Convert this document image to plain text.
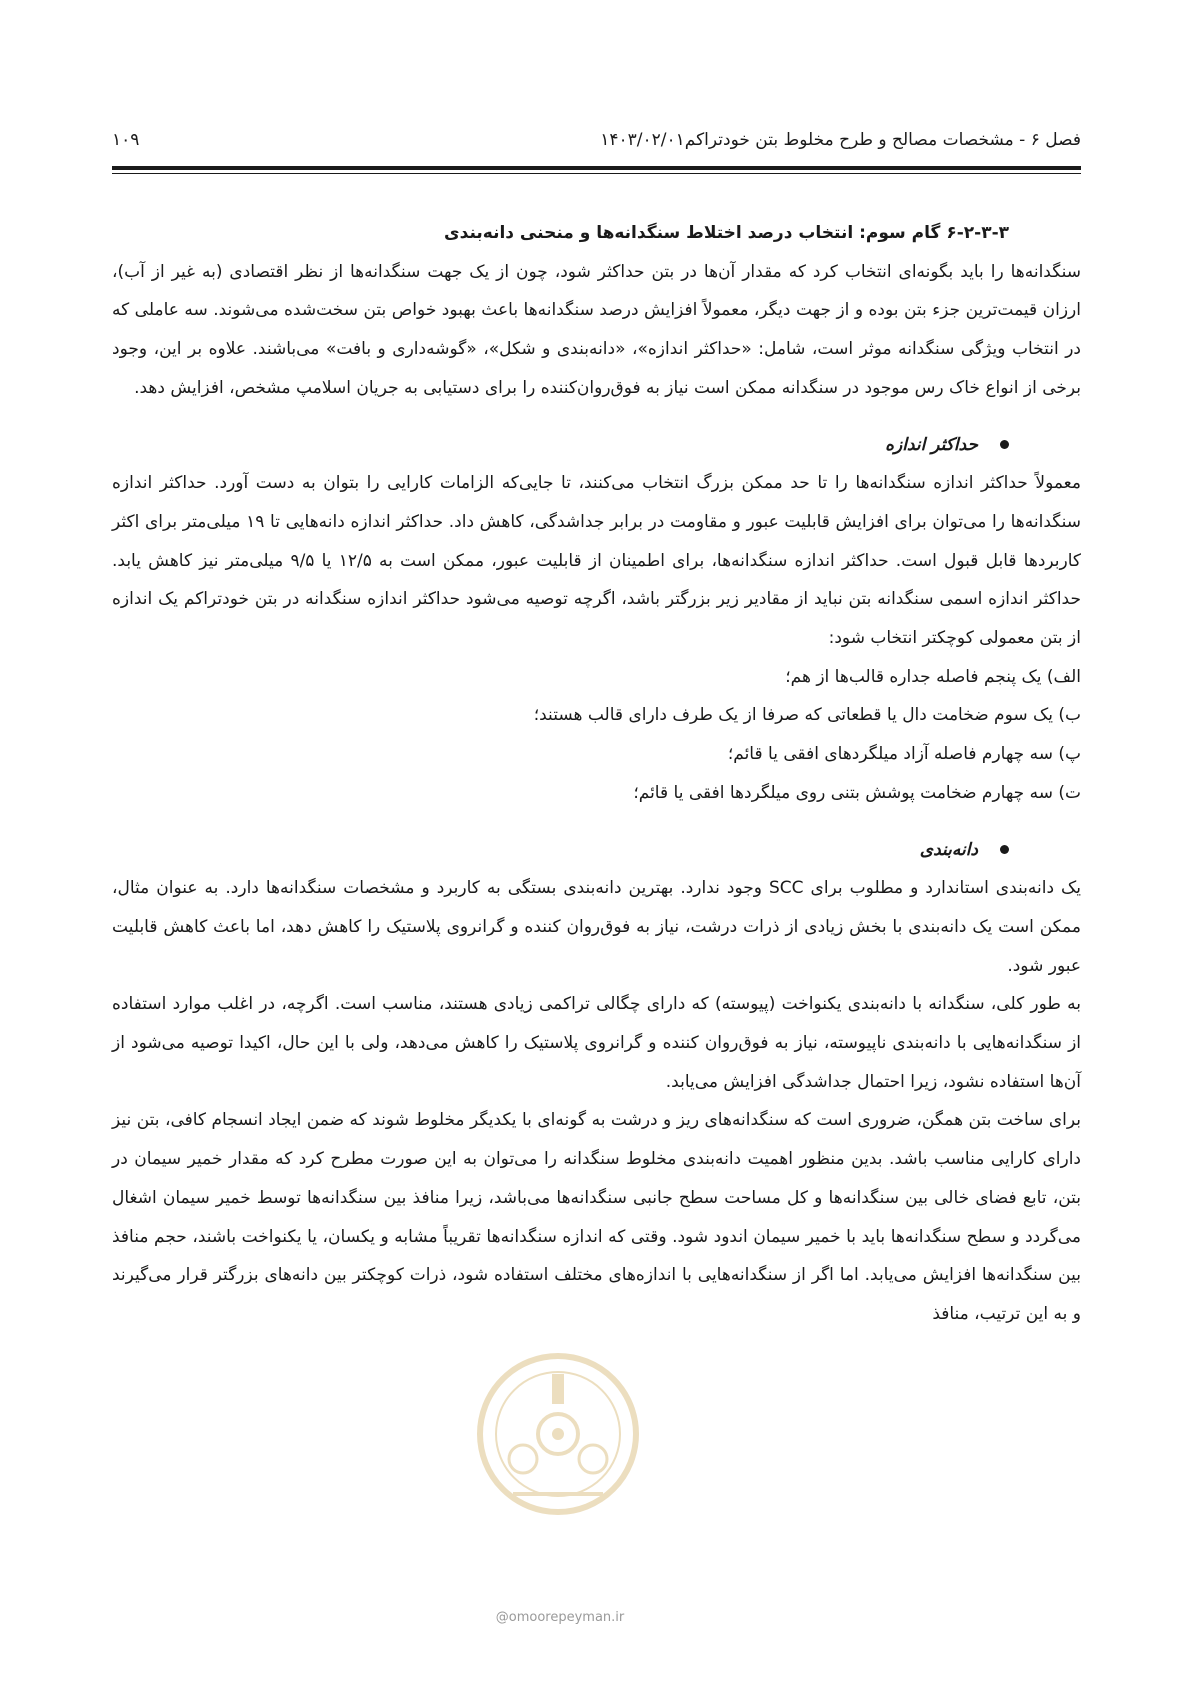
فصل ۶ - مشخصات مصالح و طرح مخلوط بتن خودتراکم۱۴۰۳/۰۲/۰۱
۱۰۹

۶-۲-۳-۳ گام سوم: انتخاب درصد اختلاط سنگدانه‌ها و منحنی دانه‌بندی

سنگدانه‌ها را باید بگونه‌ای انتخاب کرد که مقدار آن‌ها در بتن حداکثر شود، چون از یک جهت سنگدانه‌ها از نظر اقتصادی (به غیر از آب)، ارزان قیمت‌ترین جزء بتن بوده و از جهت دیگر، معمولاً افزایش درصد سنگدانه‌ها باعث بهبود خواص بتن سخت‌شده می‌شوند. سه عاملی که در انتخاب ویژگی سنگدانه موثر است، شامل: «حداکثر اندازه»، «دانه‌بندی و شکل»، «گوشه‌داری و بافت» می‌باشند. علاوه بر این، وجود برخی از انواع خاک رس موجود در سنگدانه ممکن است نیاز به فوق‌روان‌کننده را برای دستیابی به جریان اسلامپ مشخص، افزایش دهد.

حداکثر اندازه

معمولاً حداکثر اندازه سنگدانه‌ها را تا حد ممکن بزرگ انتخاب می‌کنند، تا جایی‌که الزامات کارایی را بتوان به دست آورد. حداکثر اندازه سنگدانه‌ها را می‌توان برای افزایش قابلیت عبور و مقاومت در برابر جداشدگی، کاهش داد. حداکثر اندازه دانه‌هایی تا ۱۹ میلی‌متر برای اکثر کاربردها قابل قبول است. حداکثر اندازه سنگدانه‌ها، برای اطمینان از قابلیت عبور، ممکن است به ۱۲/۵ یا ۹/۵ میلی‌متر نیز کاهش یابد. حداکثر اندازه اسمی سنگدانه بتن نباید از مقادیر زیر بزرگتر باشد، اگرچه توصیه می‌شود حداکثر اندازه سنگدانه در بتن خودتراکم یک اندازه از بتن معمولی کوچکتر انتخاب شود:

الف) یک پنجم فاصله جداره قالب‌ها از هم؛

ب) یک سوم ضخامت دال یا قطعاتی که صرفا از یک طرف دارای قالب هستند؛

پ) سه چهارم فاصله آزاد میلگردهای افقی یا قائم؛

ت) سه چهارم ضخامت پوشش بتنی روی میلگردها افقی یا قائم؛

دانه‌بندی

یک دانه‌بندی استاندارد و مطلوب برای SCC وجود ندارد. بهترین دانه‌بندی بستگی به کاربرد و مشخصات سنگدانه‌ها دارد. به عنوان مثال، ممکن است یک دانه‌بندی با بخش زیادی از ذرات درشت، نیاز به فوق‌روان کننده و گرانروی پلاستیک را کاهش دهد، اما باعث کاهش قابلیت عبور شود.

به طور کلی، سنگدانه با دانه‌بندی یکنواخت (پیوسته) که دارای چگالی تراکمی زیادی هستند، مناسب است. اگرچه، در اغلب موارد استفاده از سنگدانه‌هایی با دانه‌بندی ناپیوسته، نیاز به فوق‌روان کننده و گرانروی پلاستیک را کاهش می‌دهد، ولی با این حال، اکیدا توصیه می‌شود از آن‌ها استفاده نشود، زیرا احتمال جداشدگی افزایش می‌یابد.

برای ساخت بتن همگن، ضروری است که سنگدانه‌های ریز و درشت به گونه‌ای با یکدیگر مخلوط شوند که ضمن ایجاد انسجام کافی، بتن نیز دارای کارایی مناسب باشد. بدین منظور اهمیت دانه‌بندی مخلوط سنگدانه را می‌توان به این صورت مطرح کرد که مقدار خمیر سیمان در بتن، تابع فضای خالی بین سنگدانه‌ها و کل مساحت سطح جانبی سنگدانه‌ها می‌باشد، زیرا منافذ بین سنگدانه‌ها توسط خمیر سیمان اشغال می‌گردد و سطح سنگدانه‌ها باید با خمیر سیمان اندود شود. وقتی که اندازه سنگدانه‌ها تقریباً مشابه و یکسان، یا یکنواخت باشند، حجم منافذ بین سنگدانه‌ها افزایش می‌یابد. اما اگر از سنگدانه‌هایی با اندازه‌های مختلف استفاده شود، ذرات کوچکتر بین دانه‌های بزرگتر قرار می‌گیرند و به این ترتیب، منافذ

@omoorepeyman.ir
